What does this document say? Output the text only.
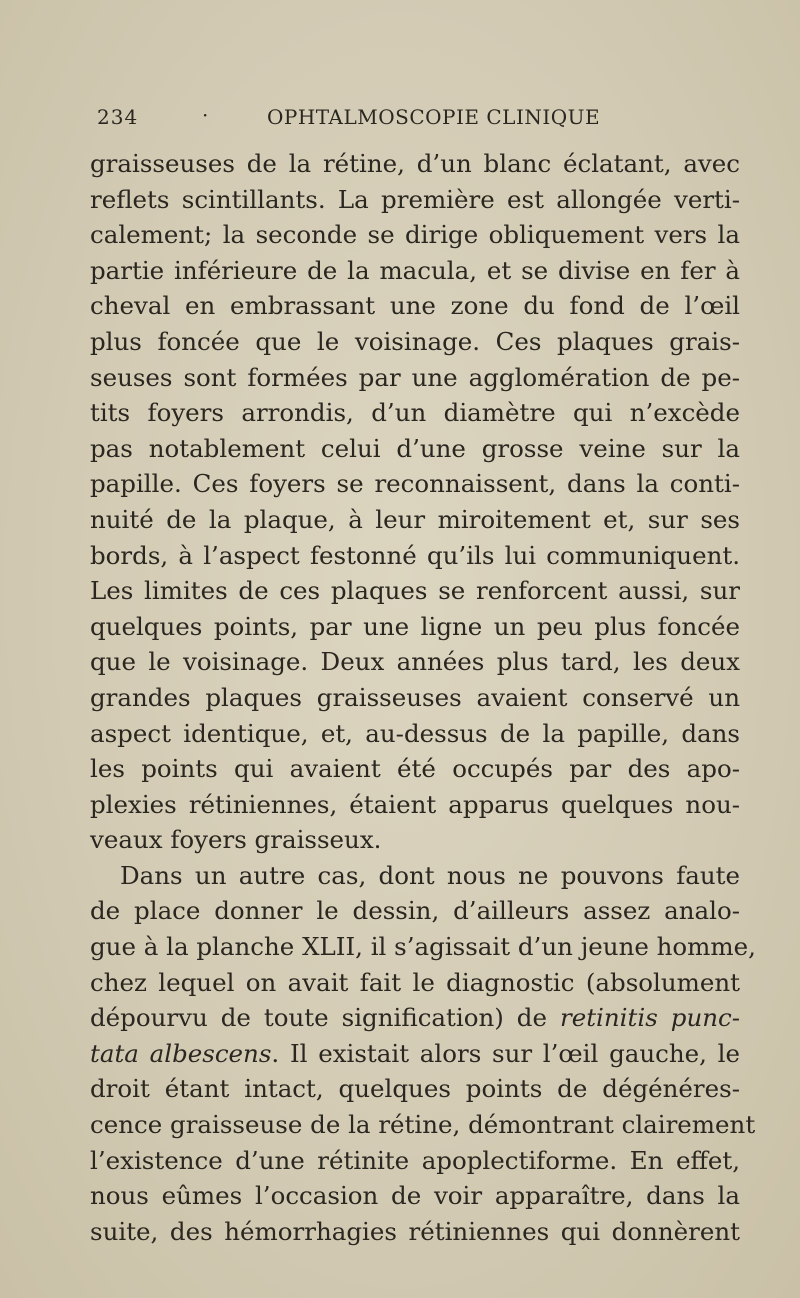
234	·	OPHTALMOSCOPIE CLINIQUE
graisseuses de la rétine, d’un blanc éclatant, avec
reflets scintillants. La première est allongée verti-
calement; la seconde se dirige obliquement vers la
partie inférieure de la macula, et se divise en fer à
cheval en embrassant une zone du fond de l’œil
plus foncée que le voisinage. Ces plaques grais-
seuses sont formées par une agglomération de pe-
tits foyers arrondis, d’un diamètre qui n’excède
pas notablement celui d’une grosse veine sur la
papille. Ces foyers se reconnaissent, dans la conti-
nuité de la plaque, à leur miroitement et, sur ses
bords, à l’aspect festonné qu’ils lui communiquent.
Les limites de ces plaques se renforcent aussi, sur
quelques points, par une ligne un peu plus foncée
que le voisinage. Deux années plus tard, les deux
grandes plaques graisseuses avaient conservé un
aspect identique, et, au-dessus de la papille, dans
les points qui avaient été occupés par des apo-
plexies rétiniennes, étaient apparus quelques nou-
veaux foyers graisseux.
Dans un autre cas, dont nous ne pouvons faute
de place donner le dessin, d’ailleurs assez analo-
gue à la planche XLII, il s’agissait d’un jeune homme,
chez lequel on avait fait le diagnostic (absolument
dépourvu de toute signification) de retinitis punc-
tata albescens. Il existait alors sur l’œil gauche, le
droit étant intact, quelques points de dégénéres-
cence graisseuse de la rétine, démontrant clairement
l’existence d’une rétinite apoplectiforme. En effet,
nous eûmes l’occasion de voir apparaître, dans la
suite, des hémorrhagies rétiniennes qui donnèrent
